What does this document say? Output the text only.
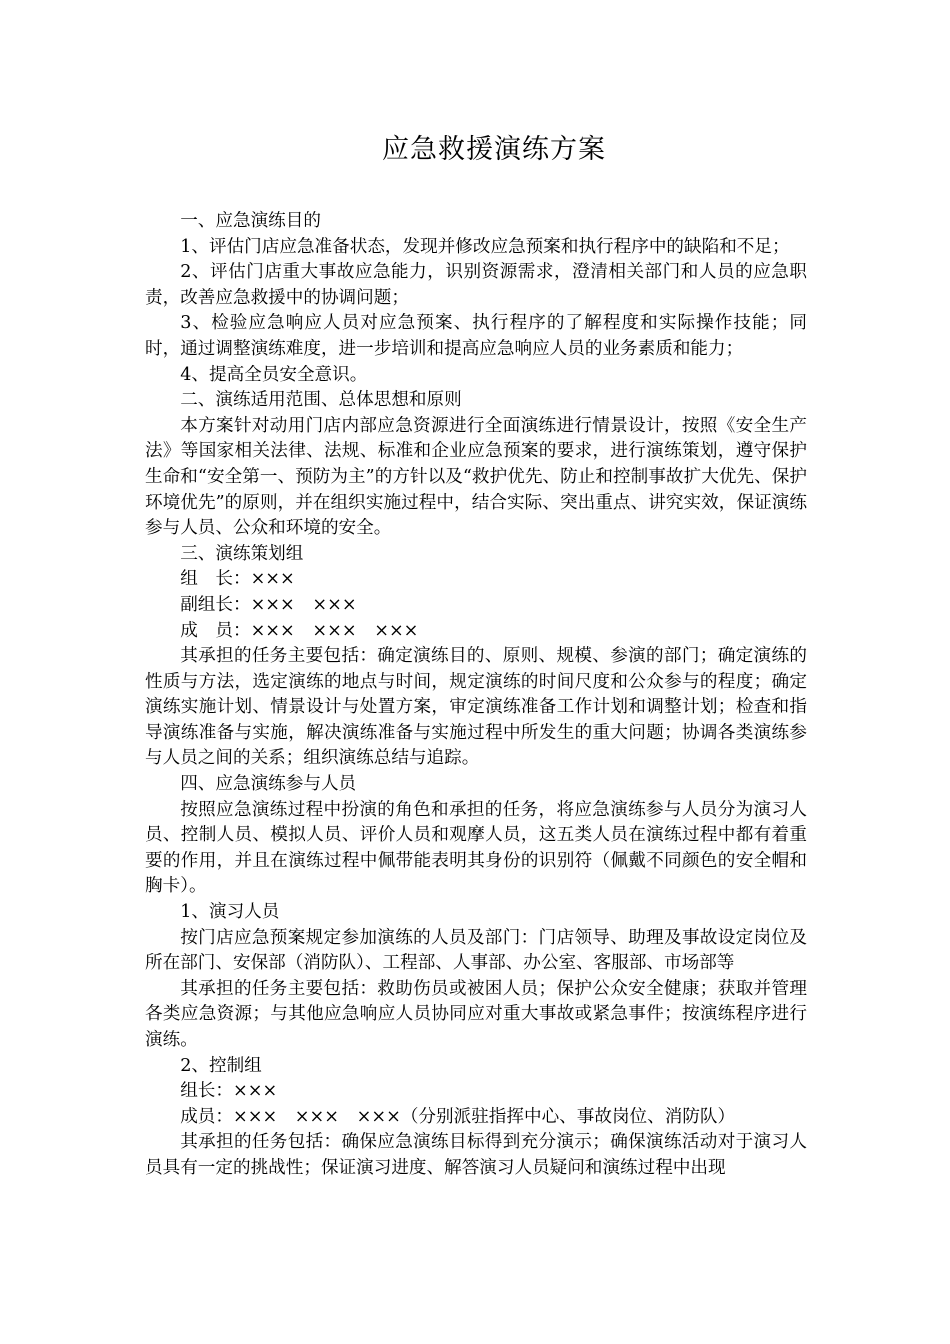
应急救援演练方案

一、应急演练目的

1、评估门店应急准备状态，发现并修改应急预案和执行程序中的缺陷和不足；

2、评估门店重大事故应急能力，识别资源需求，澄清相关部门和人员的应急职责，改善应急救援中的协调问题；

3、检验应急响应人员对应急预案、执行程序的了解程度和实际操作技能；同时，通过调整演练难度，进一步培训和提高应急响应人员的业务素质和能力；

4、提高全员安全意识。

二、演练适用范围、总体思想和原则

本方案针对动用门店内部应急资源进行全面演练进行情景设计，按照《安全生产法》等国家相关法律、法规、标准和企业应急预案的要求，进行演练策划，遵守保护生命和“安全第一、预防为主”的方针以及“救护优先、防止和控制事故扩大优先、保护环境优先”的原则，并在组织实施过程中，结合实际、突出重点、讲究实效，保证演练参与人员、公众和环境的安全。

三、演练策划组

组　长：×××

副组长：×××　×××

成　员：×××　×××　×××

其承担的任务主要包括：确定演练目的、原则、规模、参演的部门；确定演练的性质与方法，选定演练的地点与时间，规定演练的时间尺度和公众参与的程度；确定演练实施计划、情景设计与处置方案，审定演练准备工作计划和调整计划；检查和指导演练准备与实施，解决演练准备与实施过程中所发生的重大问题；协调各类演练参与人员之间的关系；组织演练总结与追踪。

四、应急演练参与人员

按照应急演练过程中扮演的角色和承担的任务，将应急演练参与人员分为演习人员、控制人员、模拟人员、评价人员和观摩人员，这五类人员在演练过程中都有着重要的作用，并且在演练过程中佩带能表明其身份的识别符（佩戴不同颜色的安全帽和胸卡）。

1、演习人员

按门店应急预案规定参加演练的人员及部门：门店领导、助理及事故设定岗位及所在部门、安保部（消防队）、工程部、人事部、办公室、客服部、市场部等

其承担的任务主要包括：救助伤员或被困人员；保护公众安全健康；获取并管理各类应急资源；与其他应急响应人员协同应对重大事故或紧急事件；按演练程序进行演练。

2、控制组

组长：×××

成员：×××　×××　×××（分别派驻指挥中心、事故岗位、消防队）

其承担的任务包括：确保应急演练目标得到充分演示；确保演练活动对于演习人员具有一定的挑战性；保证演习进度、解答演习人员疑问和演练过程中出现
